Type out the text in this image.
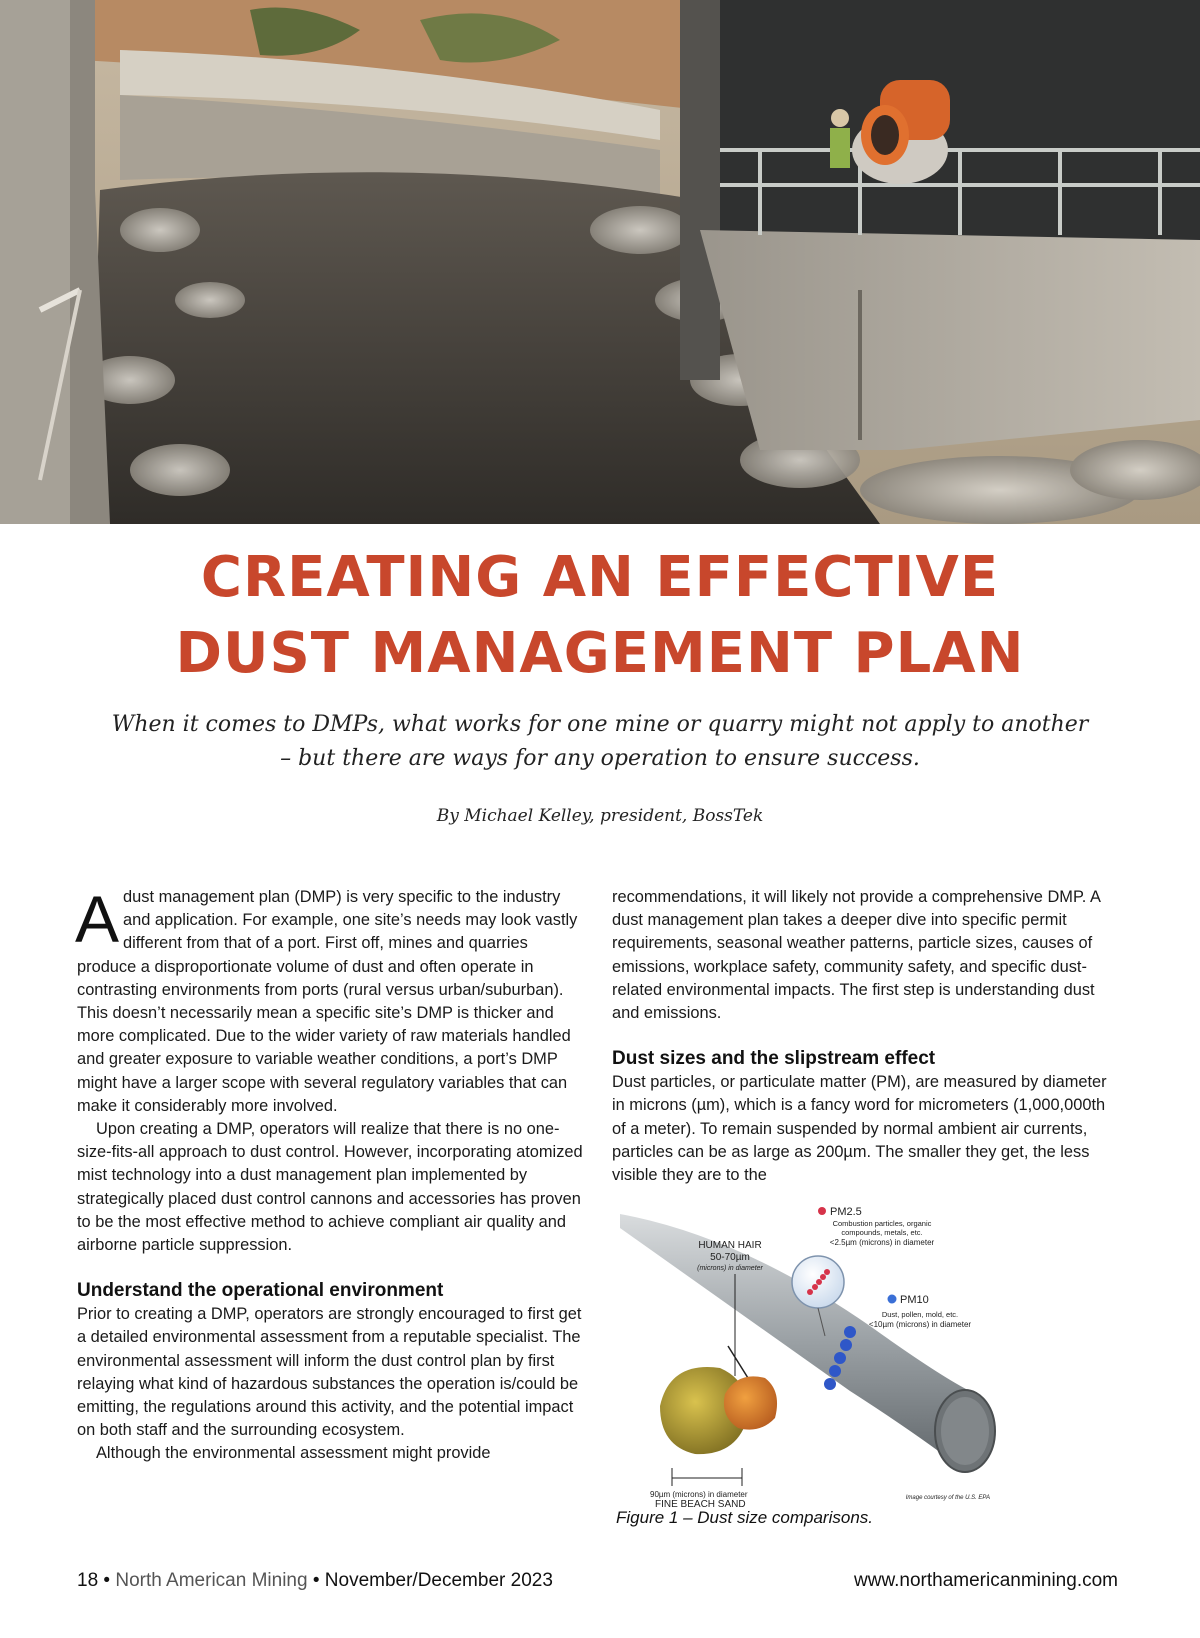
CREATING AN EFFECTIVE
DUST MANAGEMENT PLAN

When it comes to DMPs, what works for one mine or quarry might not apply to another
– but there are ways for any operation to ensure success.

By Michael Kelley, president, BossTek

A dust management plan (DMP) is very specific to the industry and application. For example, one site’s needs may look vastly different from that of a port. First off, mines and quarries produce a disproportionate volume of dust and often operate in contrasting environments from ports (rural versus urban/suburban). This doesn’t necessarily mean a specific site’s DMP is thicker and more complicated. Due to the wider variety of raw materials handled and greater exposure to variable weather conditions, a port’s DMP might have a larger scope with several regulatory variables that can make it considerably more involved.

Upon creating a DMP, operators will realize that there is no one-size-fits-all approach to dust control. However, incorporating atomized mist technology into a dust management plan implemented by strategically placed dust control cannons and accessories has proven to be the most effective method to achieve compliant air quality and airborne particle suppression.

Understand the operational environment

Prior to creating a DMP, operators are strongly encouraged to first get a detailed environmental assessment from a reputable specialist. The environmental assessment will inform the dust control plan by first relaying what kind of hazardous substances the operation is/could be emitting, the regulations around this activity, and the potential impact on both staff and the surrounding ecosystem.

Although the environmental assessment might provide

recommendations, it will likely not provide a comprehensive DMP. A dust management plan takes a deeper dive into specific permit requirements, seasonal weather patterns, particle sizes, causes of emissions, workplace safety, community safety, and specific dust-related environmental impacts. The first step is understanding dust and emissions.

Dust sizes and the slipstream effect

Dust particles, or particulate matter (PM), are measured by diameter in microns (µm), which is a fancy word for micrometers (1,000,000th of a meter). To remain suspended by normal ambient air currents, particles can be as large as 200µm. The smaller they get, the less visible they are to the

HUMAN HAIR
50-70µm
(microns) in diameter
PM2.5
Combustion particles, organic
compounds, metals, etc.
<2.5µm (microns) in diameter
PM10
Dust, pollen, mold, etc.
<10µm (microns) in diameter
90µm (microns) in diameter
FINE BEACH SAND
Image courtesy of the U.S. EPA

Figure 1 – Dust size comparisons.

18 • North American Mining • November/December 2023	www.northamericanmining.com
